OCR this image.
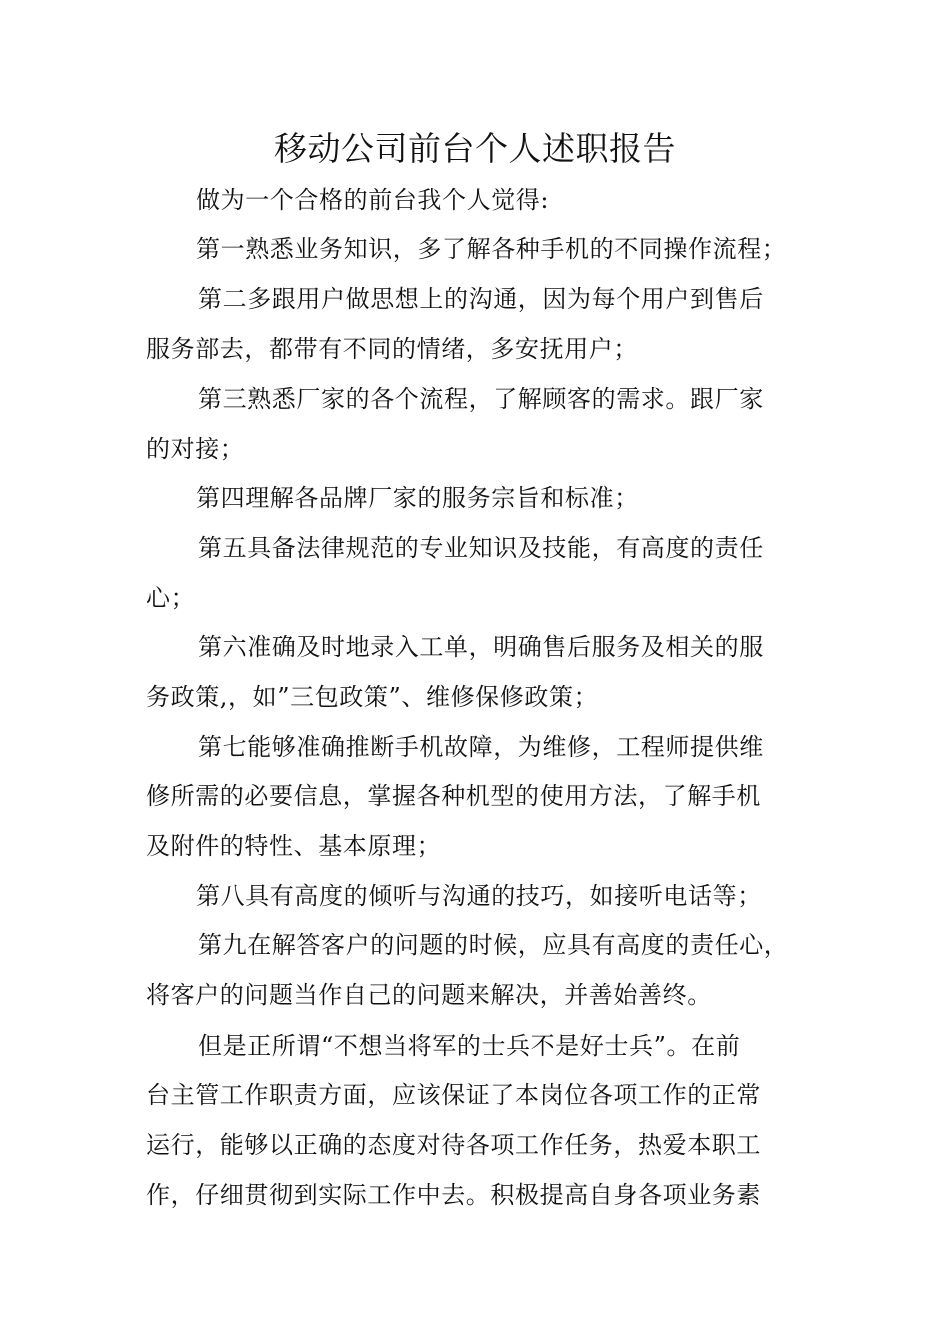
移动公司前台个人述职报告

做为一个合格的前台我个人觉得:

第一熟悉业务知识，多了解各种手机的不同操作流程；

第二多跟用户做思想上的沟通，因为每个用户到售后

服务部去，都带有不同的情绪，多安抚用户；

第三熟悉厂家的各个流程，了解顾客的需求。跟厂家

的对接；

第四理解各品牌厂家的服务宗旨和标准；

第五具备法律规范的专业知识及技能，有高度的责任

心；

第六准确及时地录入工单，明确售后服务及相关的服

务政策,，如”三包政策”、维修保修政策；

第七能够准确推断手机故障，为维修，工程师提供维

修所需的必要信息，掌握各种机型的使用方法，了解手机

及附件的特性、基本原理；

第八具有高度的倾听与沟通的技巧，如接听电话等；

第九在解答客户的问题的时候，应具有高度的责任心，

将客户的问题当作自己的问题来解决，并善始善终。

但是正所谓“不想当将军的士兵不是好士兵”。在前

台主管工作职责方面，应该保证了本岗位各项工作的正常

运行，能够以正确的态度对待各项工作任务，热爱本职工

作，仔细贯彻到实际工作中去。积极提高自身各项业务素
